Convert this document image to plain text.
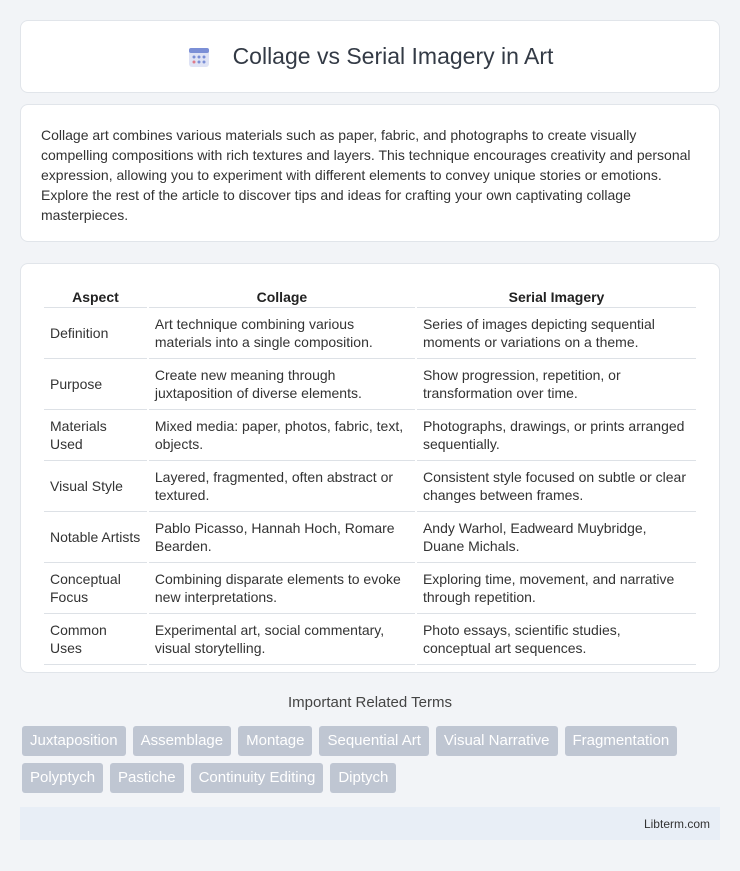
Collage vs Serial Imagery in Art

Collage art combines various materials such as paper, fabric, and photographs to create visually compelling compositions with rich textures and layers. This technique encourages creativity and personal expression, allowing you to experiment with different elements to convey unique stories or emotions. Explore the rest of the article to discover tips and ideas for crafting your own captivating collage masterpieces.

Aspect	Collage	Serial Imagery
Definition	Art technique combining various materials into a single composition.	Series of images depicting sequential moments or variations on a theme.
Purpose	Create new meaning through juxtaposition of diverse elements.	Show progression, repetition, or transformation over time.
Materials Used	Mixed media: paper, photos, fabric, text, objects.	Photographs, drawings, or prints arranged sequentially.
Visual Style	Layered, fragmented, often abstract or textured.	Consistent style focused on subtle or clear changes between frames.
Notable Artists	Pablo Picasso, Hannah Hoch, Romare Bearden.	Andy Warhol, Eadweard Muybridge, Duane Michals.
Conceptual Focus	Combining disparate elements to evoke new interpretations.	Exploring time, movement, and narrative through repetition.
Common Uses	Experimental art, social commentary, visual storytelling.	Photo essays, scientific studies, conceptual art sequences.
Important Related Terms
Juxtaposition	Assemblage	Montage	Sequential Art	Visual Narrative	Fragmentation
Polyptych	Pastiche	Continuity Editing	Diptych
Libterm.com
